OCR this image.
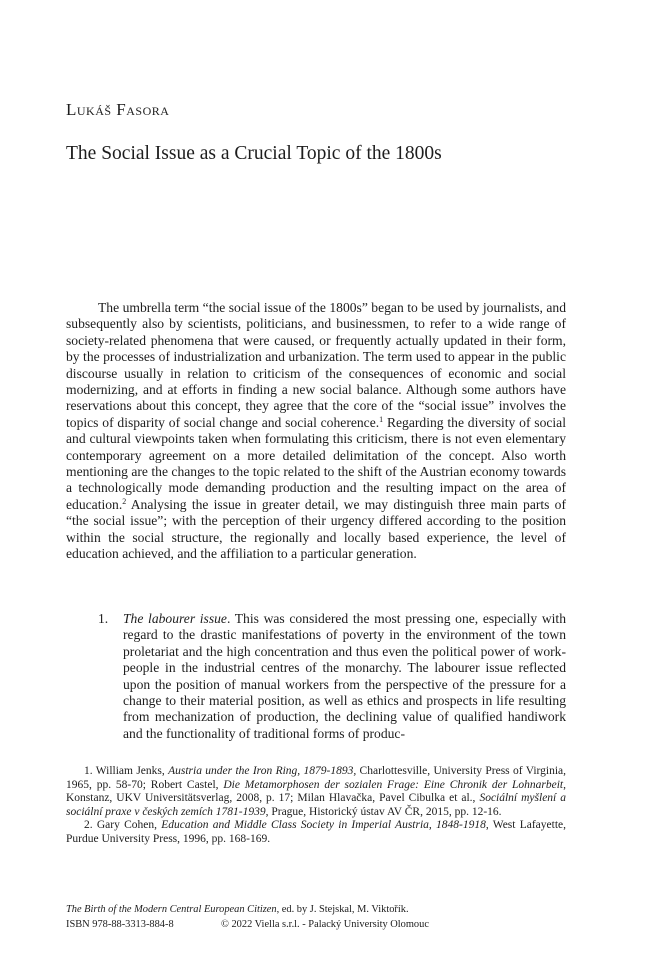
Lukáš Fasora
The Social Issue as a Crucial Topic of the 1800s

The umbrella term “the social issue of the 1800s” began to be used by journalists, and subsequently also by scientists, politicians, and businessmen, to refer to a wide range of society-related phenomena that were caused, or frequently actually updated in their form, by the processes of industrialization and urbanization. The term used to appear in the public discourse usually in relation to criticism of the consequences of economic and social modernizing, and at efforts in finding a new social balance. Although some authors have reservations about this concept, they agree that the core of the “social issue” involves the topics of disparity of social change and social coherence.$^1$ Regarding the diversity of social and cultural viewpoints taken when formulating this criticism, there is not even elementary contemporary agreement on a more detailed delimitation of the concept. Also worth mentioning are the changes to the topic related to the shift of the Austrian economy towards a technologically mode demanding production and the resulting impact on the area of education.$^2$ Analysing the issue in greater detail, we may distinguish three main parts of “the social issue”; with the perception of their urgency differed according to the position within the social structure, the regionally and locally based experience, the level of education achieved, and the affiliation to a particular generation.

1.	The labourer issue. This was considered the most pressing one, especially with regard to the drastic manifestations of poverty in the environment of the town proletariat and the high concentration and thus even the political power of work-people in the industrial centres of the monarchy. The labourer issue reflected upon the position of manual workers from the perspective of the pressure for a change to their material position, as well as ethics and prospects in life resulting from mechanization of production, the declining value of qualified handiwork and the functionality of traditional forms of produc-

1. William Jenks, Austria under the Iron Ring, 1879-1893, Charlottesville, University Press of Virginia, 1965, pp. 58-70; Robert Castel, Die Metamorphosen der sozialen Frage: Eine Chronik der Lohnarbeit, Konstanz, UKV Universitätsverlag, 2008, p. 17; Milan Hlavačka, Pavel Cibulka et al., Sociální myšlení a sociální praxe v českých zemích 1781-1939, Prague, Historický ústav AV ČR, 2015, pp. 12-16.

2. Gary Cohen, Education and Middle Class Society in Imperial Austria, 1848-1918, West Lafayette, Purdue University Press, 1996, pp. 168-169.

The Birth of the Modern Central European Citizen, ed. by J. Stejskal, M. Viktořík.
ISBN 978-88-3313-884-8	© 2022 Viella s.r.l. - Palacký University Olomouc
